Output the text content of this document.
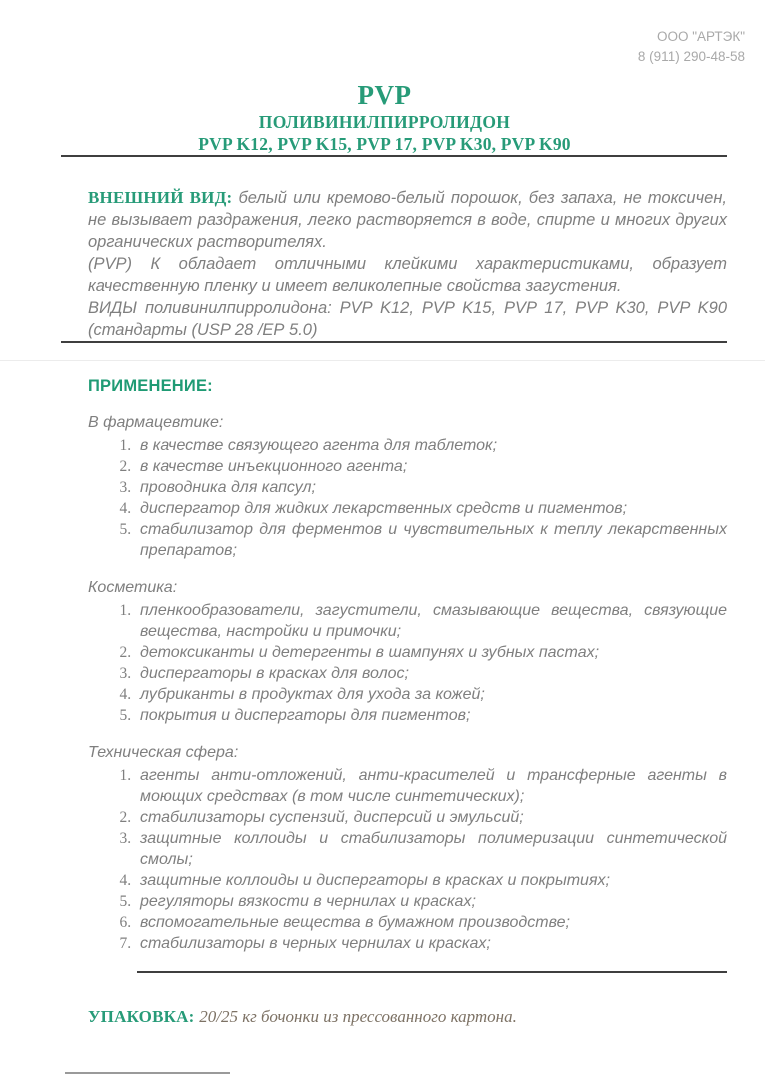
ООО "АРТЭК"
8 (911) 290-48-58
PVP
ПОЛИВИНИЛПИРРОЛИДОН
PVP K12, PVP K15, PVP 17, PVP K30, PVP K90

ВНЕШНИЙ ВИД: белый или кремово-белый порошок, без запаха, не токсичен, не вызывает раздражения, легко растворяется в воде, спирте и многих других органических растворителях.

(PVP) К обладает отличными клейкими характеристиками, образует качественную пленку и имеет великолепные свойства загустения.

ВИДЫ поливинилпирролидона: PVP K12, PVP K15, PVP 17, PVP K30, PVP K90 (стандарты (USP 28 /ЕР 5.0)

ПРИМЕНЕНИЕ:
В фармацевтике:
1. в качестве связующего агента для таблеток;
2. в качестве инъекционного агента;
3. проводника для капсул;
4. диспергатор для жидких лекарственных средств и пигментов;
5. стабилизатор для ферментов и чувствительных к теплу лекарственных препаратов;
Косметика:
1. пленкообразователи, загустители, смазывающие вещества, связующие вещества, настройки и примочки;
2. детоксиканты и детергенты в шампунях и зубных пастах;
3. диспергаторы в красках для волос;
4. лубриканты в продуктах для ухода за кожей;
5. покрытия и диспергаторы для пигментов;
Техническая сфера:
1. агенты анти-отложений, анти-красителей и трансферные агенты в моющих средствах (в том числе синтетических);
2. стабилизаторы суспензий, дисперсий и эмульсий;
3. защитные коллоиды и стабилизаторы полимеризации синтетической смолы;
4. защитные коллоиды и диспергаторы в красках и покрытиях;
5. регуляторы вязкости в чернилах и красках;
6. вспомогательные вещества в бумажном производстве;
7. стабилизаторы в черных чернилах и красках;
УПАКОВКА: 20/25 кг бочонки из прессованного картона.
